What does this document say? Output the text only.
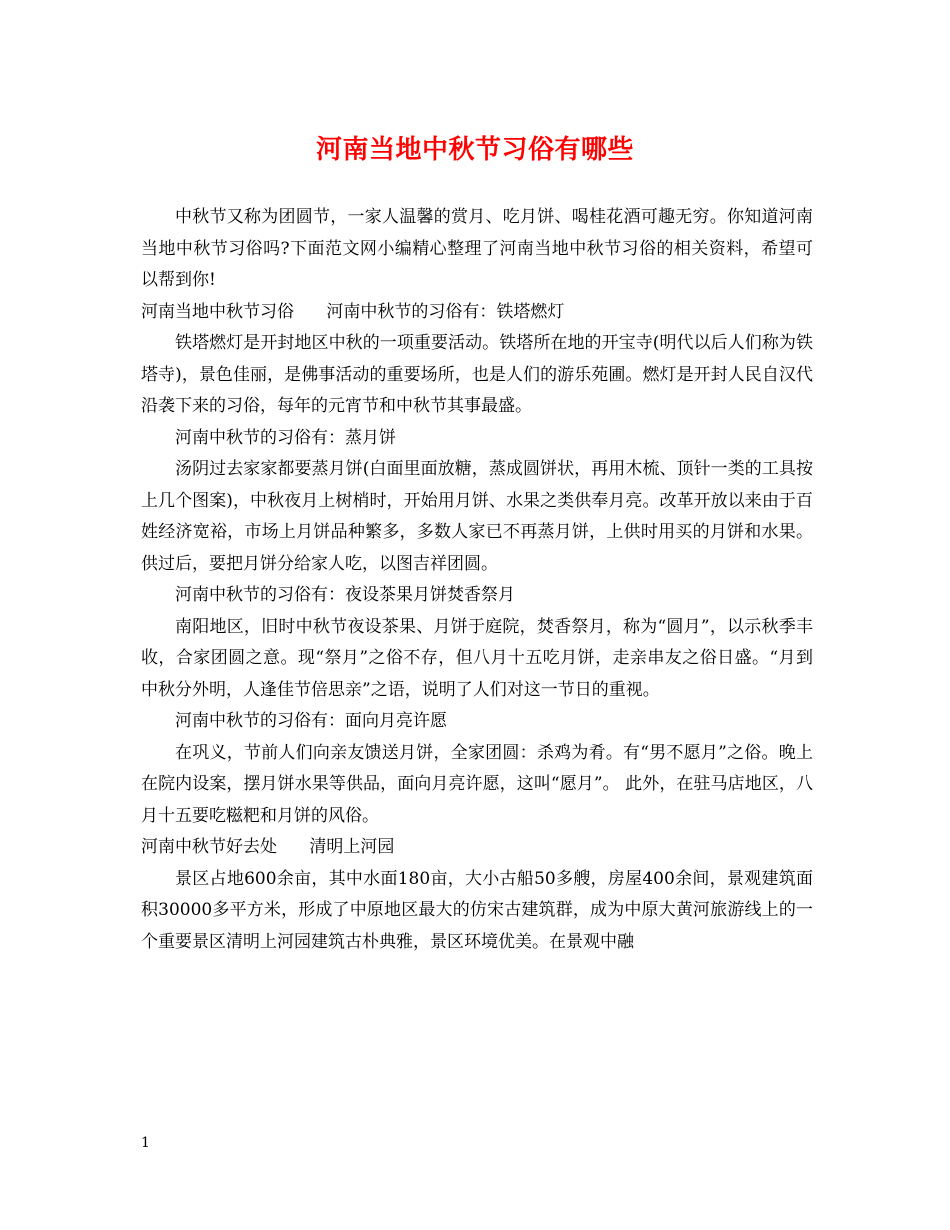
河南当地中秋节习俗有哪些

中秋节又称为团圆节，一家人温馨的赏月、吃月饼、喝桂花酒可趣无穷。你知道河南当地中秋节习俗吗?下面范文网小编精心整理了河南当地中秋节习俗的相关资料，希望可以帮到你!

河南当地中秋节习俗      河南中秋节的习俗有：铁塔燃灯

铁塔燃灯是开封地区中秋的一项重要活动。铁塔所在地的开宝寺(明代以后人们称为铁塔寺)，景色佳丽，是佛事活动的重要场所，也是人们的游乐苑圃。燃灯是开封人民自汉代沿袭下来的习俗，每年的元宵节和中秋节其事最盛。

河南中秋节的习俗有：蒸月饼

汤阴过去家家都要蒸月饼(白面里面放糖，蒸成圆饼状，再用木梳、顶针一类的工具按上几个图案)，中秋夜月上树梢时，开始用月饼、水果之类供奉月亮。改革开放以来由于百姓经济宽裕，市场上月饼品种繁多，多数人家已不再蒸月饼，上供时用买的月饼和水果。供过后，要把月饼分给家人吃，以图吉祥团圆。

河南中秋节的习俗有：夜设茶果月饼焚香祭月

南阳地区，旧时中秋节夜设茶果、月饼于庭院，焚香祭月，称为“圆月”，以示秋季丰收，合家团圆之意。现“祭月”之俗不存，但八月十五吃月饼，走亲串友之俗日盛。“月到中秋分外明，人逢佳节倍思亲”之语，说明了人们对这一节日的重视。

河南中秋节的习俗有：面向月亮许愿

在巩义，节前人们向亲友馈送月饼，全家团圆：杀鸡为肴。有“男不愿月”之俗。晚上在院内设案，摆月饼水果等供品，面向月亮许愿，这叫“愿月”。 此外，在驻马店地区，八月十五要吃糍粑和月饼的风俗。

河南中秋节好去处      清明上河园

景区占地600余亩，其中水面180亩，大小古船50多艘，房屋400余间，景观建筑面积30000多平方米，形成了中原地区最大的仿宋古建筑群，成为中原大黄河旅游线上的一个重要景区清明上河园建筑古朴典雅，景区环境优美。在景观中融

1
